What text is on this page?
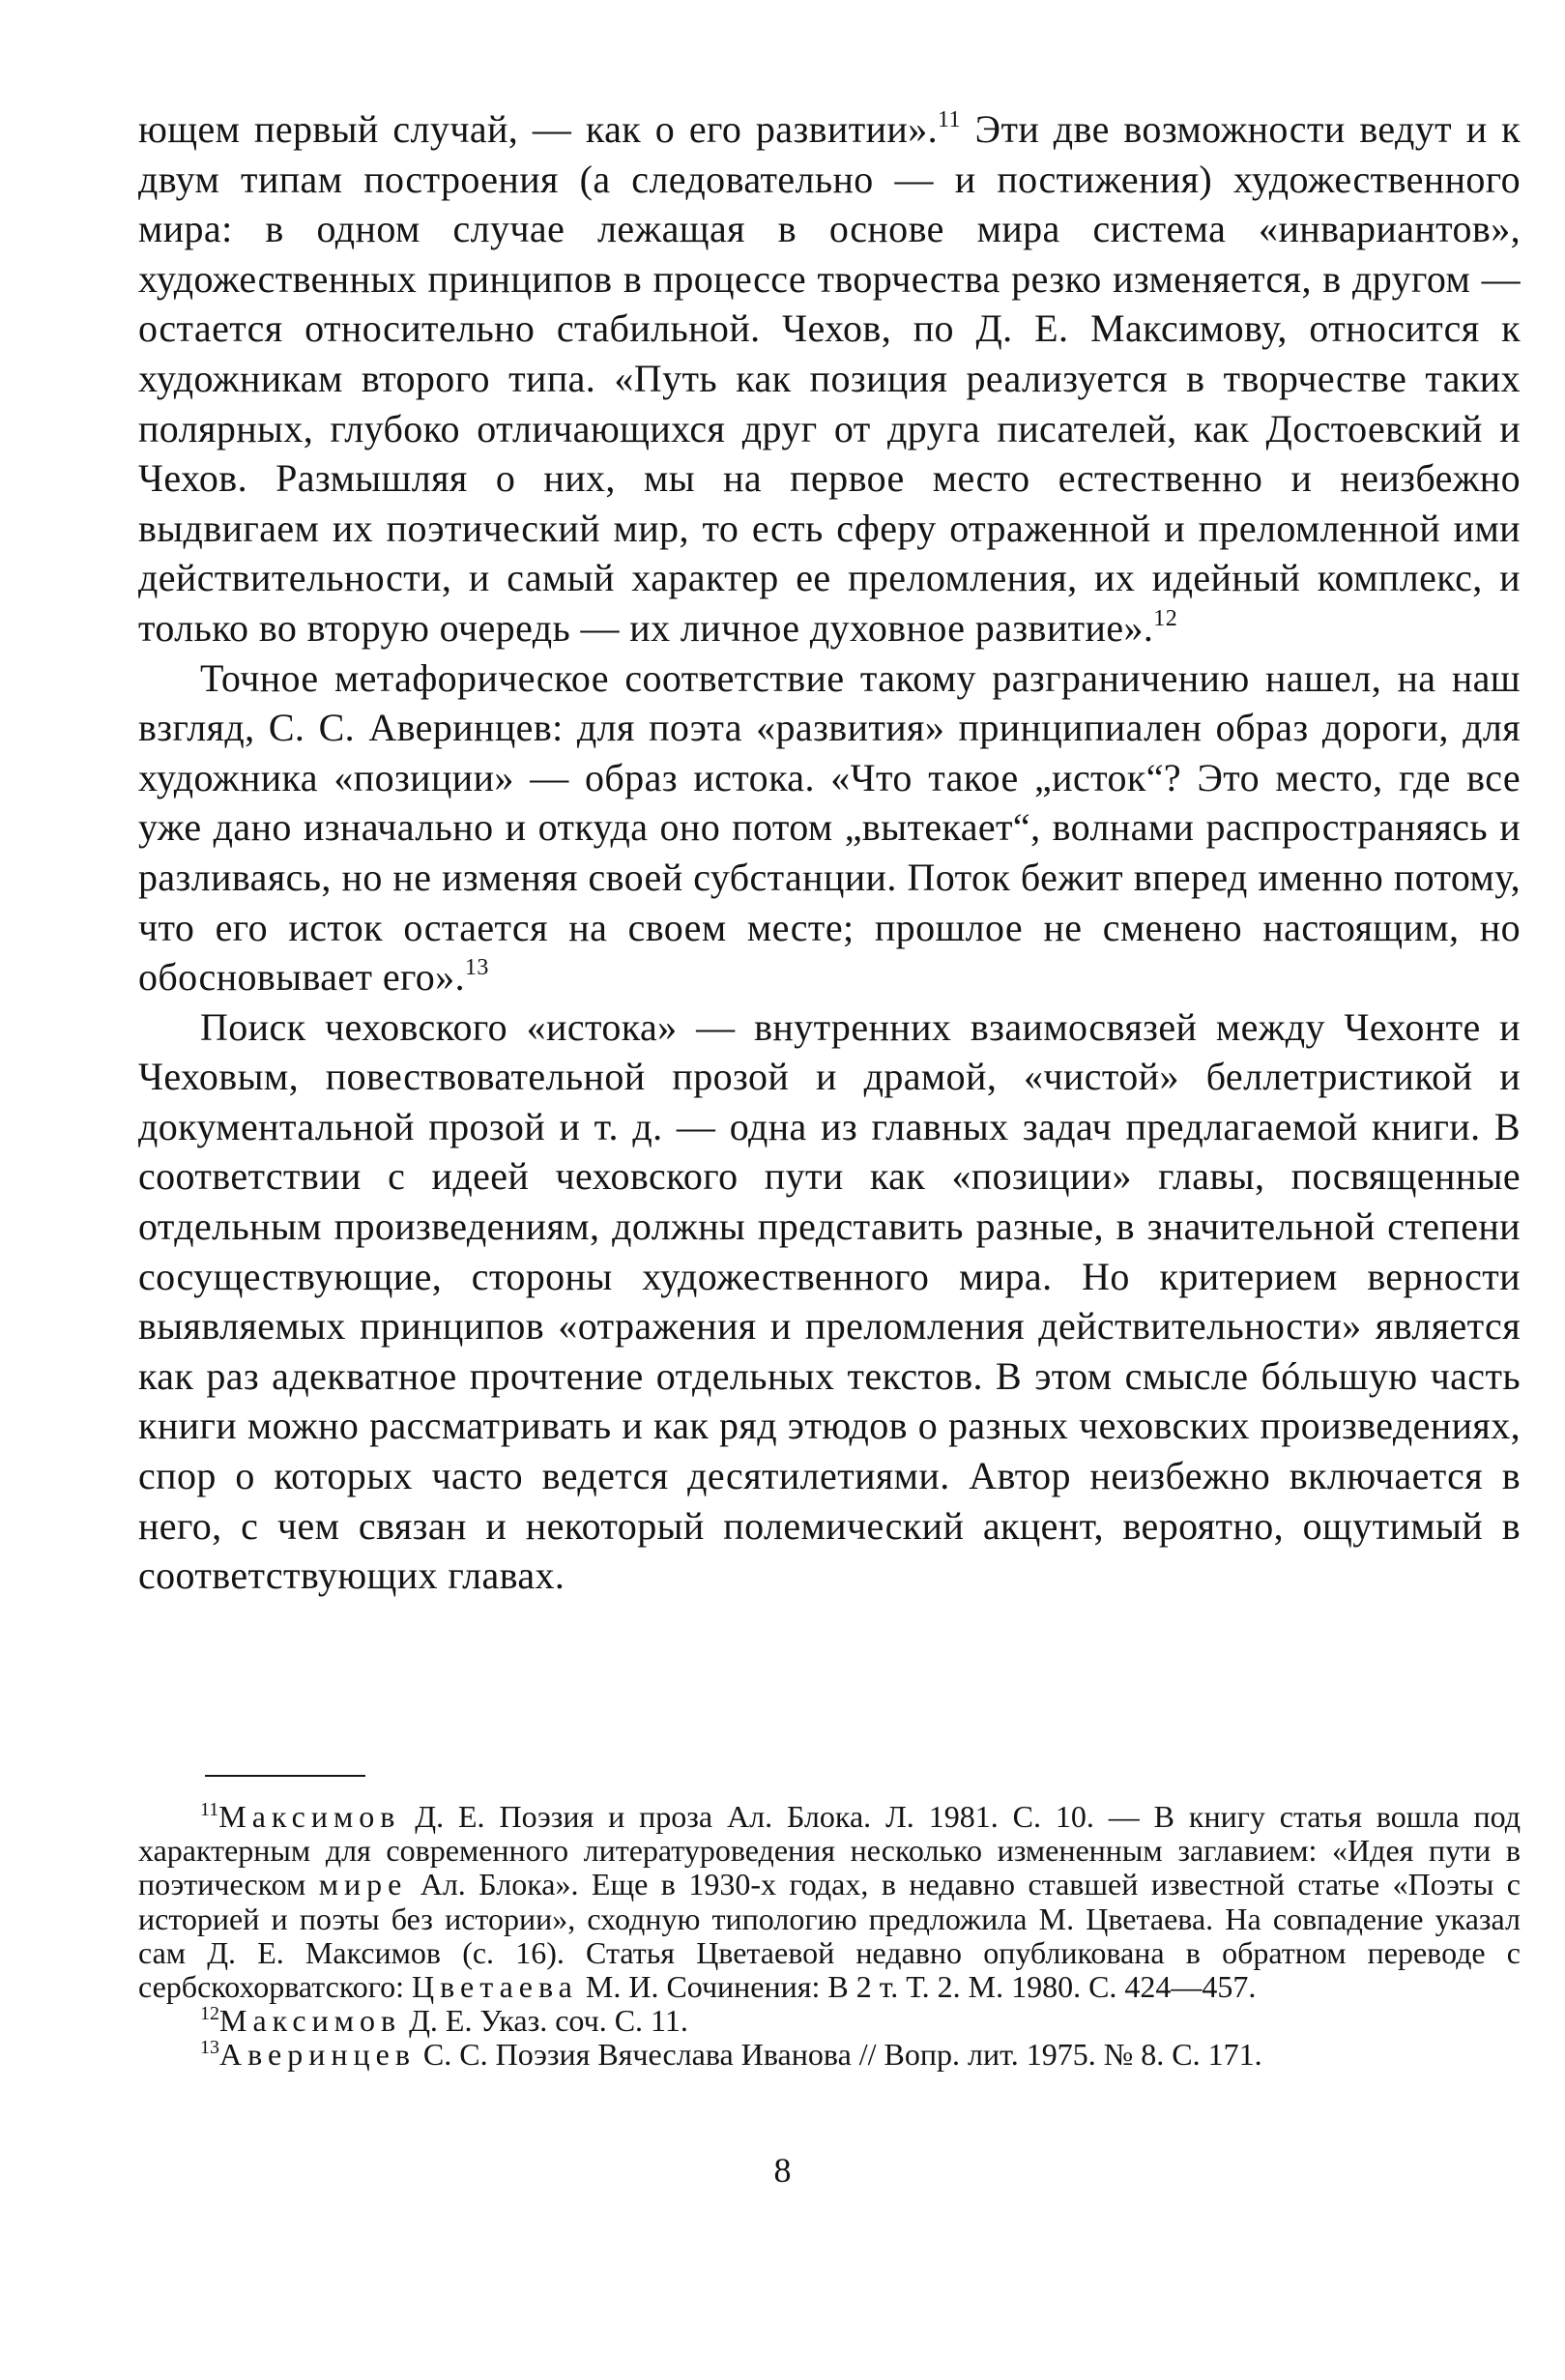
ющем первый случай, — как о его развитии».$^{11}$ Эти две возможности ведут и к двум типам построения (а следовательно — и постижения) художественного мира: в одном случае лежащая в основе мира система «инвариантов», художественных принципов в процессе творчества резко изменяется, в другом — остается относительно стабильной. Чехов, по Д. Е. Максимову, относится к художникам второго типа. «Путь как позиция реализуется в творчестве таких полярных, глубоко отличающихся друг от друга писателей, как Достоевский и Чехов. Размышляя о них, мы на первое место естественно и неизбежно выдвигаем их поэтический мир, то есть сферу отраженной и преломленной ими действительности, и самый характер ее преломления, их идейный комплекс, и только во вторую очередь — их личное духовное развитие».$^{12}$

Точное метафорическое соответствие такому разграничению нашел, на наш взгляд, С. С. Аверинцев: для поэта «развития» принципиален образ дороги, для художника «позиции» — образ истока. «Что такое „исток“? Это место, где все уже дано изначально и откуда оно потом „вытекает“, волнами распространяясь и разливаясь, но не изменяя своей субстанции. Поток бежит вперед именно потому, что его исток остается на своем месте; прошлое не сменено настоящим, но обосновывает его».$^{13}$

Поиск чеховского «истока» — внутренних взаимосвязей между Чехонте и Чеховым, повествовательной прозой и драмой, «чистой» беллетристикой и документальной прозой и т. д. — одна из главных задач предлагаемой книги. В соответствии с идеей чеховского пути как «позиции» главы, посвященные отдельным произведениям, должны представить разные, в значительной степени сосуществующие, стороны художественного мира. Но критерием верности выявляемых принципов «отражения и преломления действительности» является как раз адекватное прочтение отдельных текстов. В этом смысле бóльшую часть книги можно рассматривать и как ряд этюдов о разных чеховских произведениях, спор о которых часто ведется десятилетиями. Автор неизбежно включается в него, с чем связан и некоторый полемический акцент, вероятно, ощутимый в соответствующих главах.

$^{11}$Максимов Д. Е. Поэзия и проза Ал. Блока. Л. 1981. С. 10. — В книгу статья вошла под характерным для современного литературоведения несколько измененным заглавием: «Идея пути в поэтическом мире Ал. Блока». Еще в 1930-х годах, в недавно ставшей известной статье «Поэты с историей и поэты без истории», сходную типологию предложила М. Цветаева. На совпадение указал сам Д. Е. Максимов (с. 16). Статья Цветаевой недавно опубликована в обратном переводе с сербскохорватского: Цветаева М. И. Сочинения: В 2 т. Т. 2. М. 1980. С. 424—457.

$^{12}$Максимов Д. Е. Указ. соч. С. 11.

$^{13}$Аверинцев С. С. Поэзия Вячеслава Иванова // Вопр. лит. 1975. № 8. С. 171.

8
